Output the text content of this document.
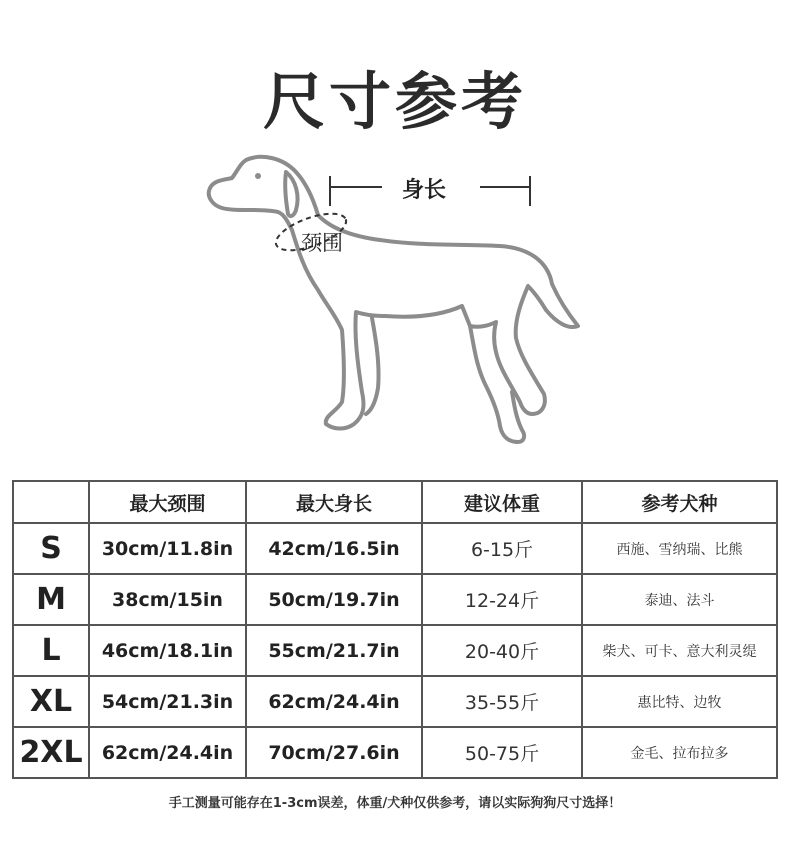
尺寸参考
身长
颈围
	最大颈围	最大身长	建议体重	参考犬种
S	30cm/11.8in	42cm/16.5in	6-15斤	西施、雪纳瑞、比熊
M	38cm/15in	50cm/19.7in	12-24斤	泰迪、法斗
L	46cm/18.1in	55cm/21.7in	20-40斤	柴犬、可卡、意大利灵缇
XL	54cm/21.3in	62cm/24.4in	35-55斤	惠比特、边牧
2XL	62cm/24.4in	70cm/27.6in	50-75斤	金毛、拉布拉多
手工测量可能存在1-3cm误差，体重/犬种仅供参考，请以实际狗狗尺寸选择！
